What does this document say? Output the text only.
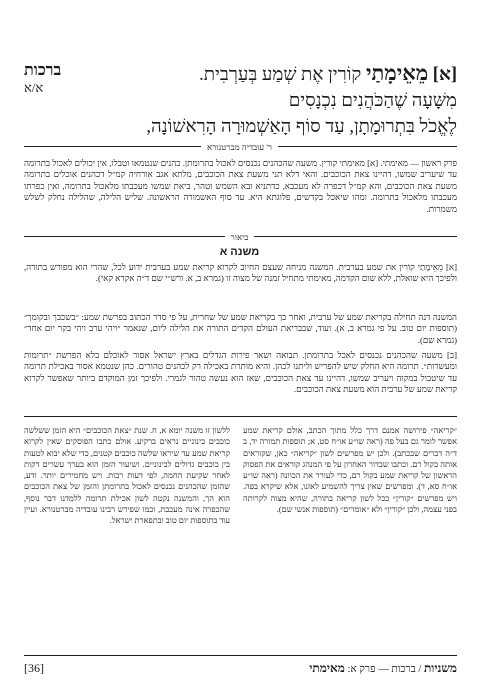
ברכות
א/א
[א] מֵאֵימָתַי קוֹרִין אֶת שְׁמַע בְּעַרְבִית.
מִשָּׁעָה שֶׁהַכֹּהֲנִים נִכְנָסִים
לֶאֱכֹל בִּתְרוּמָתָן, עַד סוֹף הָאַשְׁמוּרָה הָרִאשׁוֹנָה,
ר' עובדיה מברטנורא
פרק ראשון — מאימתי. [א] מאימתי קורין. משעה שהכהנים נכנסים לאכול בתרומתן. כהנים שנטמאו וטבלו, אין יכולים לאכול בתרומה עד שיעריב שמשו, דהיינו צאת הכוכבים. והאי דלא תני משעת צאת הכוכבים, מלתא אגב אורחיה קמ״ל דכהנים אוכלים בתרומה משעת צאת הכוכבים, והא קמ״ל דכפרה לא מעכבא, כדתניא ובא השמש וטהר, ביאת שמשו מעכבתו מלאכול בתרומה, ואין כפרתו מעכבתו מלאכול בתרומה. ומהו שיאכל בקדשים, פלוגתא היא. עד סוף האשמורה הראשונה. שליש הלילה, שהלילה נחלק לשלש משמרות.
ביאור
משנה א
[א] מֵאֵימָתַי קוֹרִין את שמע בערבית. המשנה מניחה שעצם החיוב לקרוא קריאת שמע בערבית ידוע לכל, שהרי הוא מפורש בתורה, ולפיכך היא שואלת, ללא שום הקדמה, מאימתי מתחיל זמנה של מצוה זו (גמרא ב, א. ורש״י שם ד״ה אקרא קאי).
המשנה דנה תחילה בקריאת שמע של ערבית, ואחר כך בקריאת שמע של שחרית, על פי סדר הכתוב בפרשת שמע: ״בשכבך ובקומך״ (תוספות יום טוב. על פי גמרא ב, א). ועוד, שבבריאת העולם הקדים התורה את הלילה ליום, שנאמר ״ויהי ערב ויהי בקר יום אחד״ (גמרא שם).
[ב] משעה שהכהנים נכנסים לאכל בתרומתן. תבואה ושאר פירות הגדלים בארץ ישראל אסור לאוכלם בלא הפרשת ״תרומות ומעשרות״. תרומה היא החלק שיש להפריש וליתנו לכהן. והיא מותרת באכילה רק לכהנים טהורים. כהן שנטמא אסור באכילת תרומה עד שיטבול במקוה ויעריב שמשו, דהיינו עד צאת הכוכבים, שאז הוא נעשה טהור לגמרי. ולפיכך זמן המוקדם ביותר שאפשר לקרוא קריאת שמע של ערבית הוא משעת צאת הכוכבים.
״קריאה״ פירושה אמנם דרך כלל מתוך הכתב, אולם קריאת שמע אפשר לומר גם בעל פה (ראה שו״ע או״ח סט, א; תוספות תמורה יד, ב ד״ה דברים שבכתב). ולכן יש מפרשים לשון ״קריאה״ כאן, שקוראים אותה בקול רם. וכתבו שבדור האחרון על פי המנהג קוראים את הפסוק הראשון של קריאת שמע בקול רם, כדי לעורר את הכוונה (ראה שו״ע או״ח סא, ד). ומפרשים שאין צריך להשמיע לאזנו, אלא שיקרא בפה. ויש מפרשים ״קורין״ ככל לשון קריאה בתורה, שהיא מצוה לקרותה בפני עצמה, ולכן ״קורין״ ולא ״אומרים״ (תוספות אנשי שם).
ללשון זו משנה יומא א, ח. שנת ״צאת הכוכבים״ היא הזמן ששלשה כוכבים בינוניים נראים ברקיע. אולם כתבו הפוסקים שאין לקרוא קריאת שמע עד שיראו שלשה כוכבים קטנים, כדי שלא יבוא לטעות בין כוכבים גדולים לבינוניים. ושיעור הזמן הוא בערך עשרים דקות לאחר שקיעת החמה, לפי דעות רבות. ויש מחמירים יותר. ודע, שהזמן שהכהנים נכנסים לאכול בתרומתן והזמן של צאת הכוכבים הוא הך, והמשנה נקטה לשון אכילת תרומה ללמדנו דבר נוסף, שהכפרה אינה מעכבת, וכמו שפירש רבינו עובדיה מברטנורא. ועיין עוד בתוספות יום טוב ובתפארת ישראל.
[36]	משניות / ברכות — פרק א: מאימתי
